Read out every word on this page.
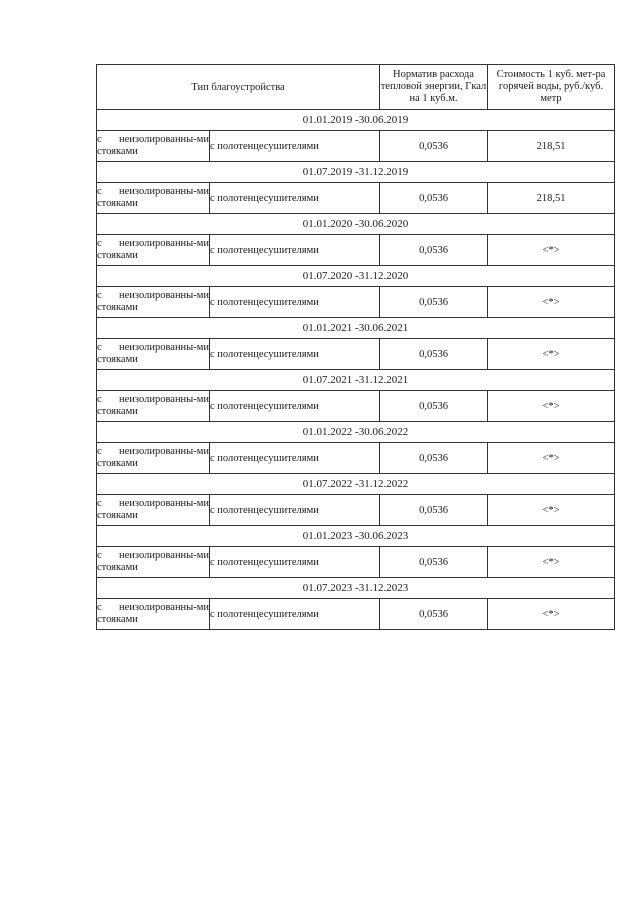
Тип благоустройства		Норматив расхода тепловой энергии, Гкал на 1 куб.м.	Стоимость 1 куб. мет-ра горячей воды, руб./куб. метр
01.01.2019 -30.06.2019			
с неизолированны-ми стояками	с полотенцесушителями	0,0536	218,51
01.07.2019 -31.12.2019			
с неизолированны-ми стояками	с полотенцесушителями	0,0536	218,51
01.01.2020 -30.06.2020			
с неизолированны-ми стояками	с полотенцесушителями	0,0536	<*>
01.07.2020 -31.12.2020			
с неизолированны-ми стояками	с полотенцесушителями	0,0536	<*>
01.01.2021 -30.06.2021			
с неизолированны-ми стояками	с полотенцесушителями	0,0536	<*>
01.07.2021 -31.12.2021			
с неизолированны-ми стояками	с полотенцесушителями	0,0536	<*>
01.01.2022 -30.06.2022			
с неизолированны-ми стояками	с полотенцесушителями	0,0536	<*>
01.07.2022 -31.12.2022			
с неизолированны-ми стояками	с полотенцесушителями	0,0536	<*>
01.01.2023 -30.06.2023			
с неизолированны-ми стояками	с полотенцесушителями	0,0536	<*>
01.07.2023 -31.12.2023			
с неизолированны-ми стояками	с полотенцесушителями	0,0536	<*>
